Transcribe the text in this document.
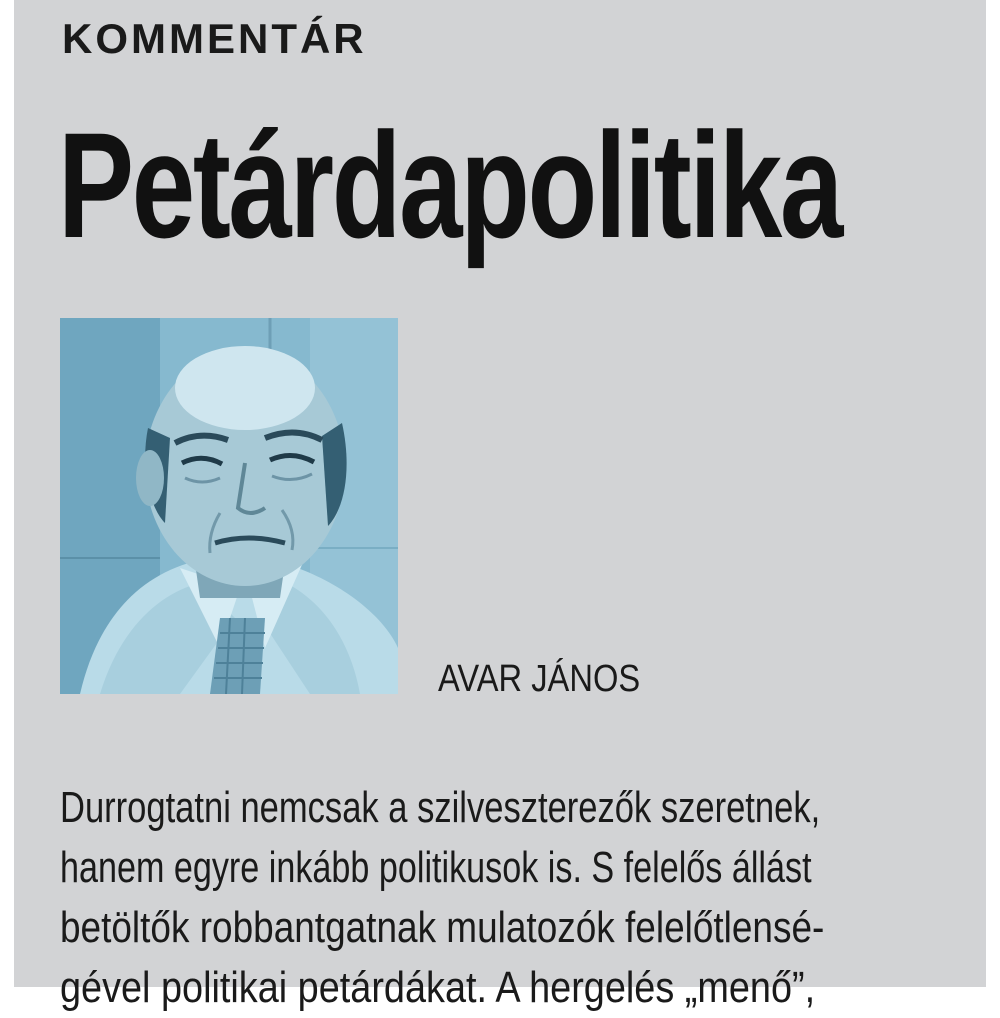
KOMMENTÁR
Petárdapolitika
AVAR JÁNOS
Durrogtatni nemcsak a szilveszterezők szeretnek,
hanem egyre inkább politikusok is. S felelős állást
betöltők robbantgatnak mulatozók felelőtlensé-
gével politikai petárdákat. A hergelés „menő”,
